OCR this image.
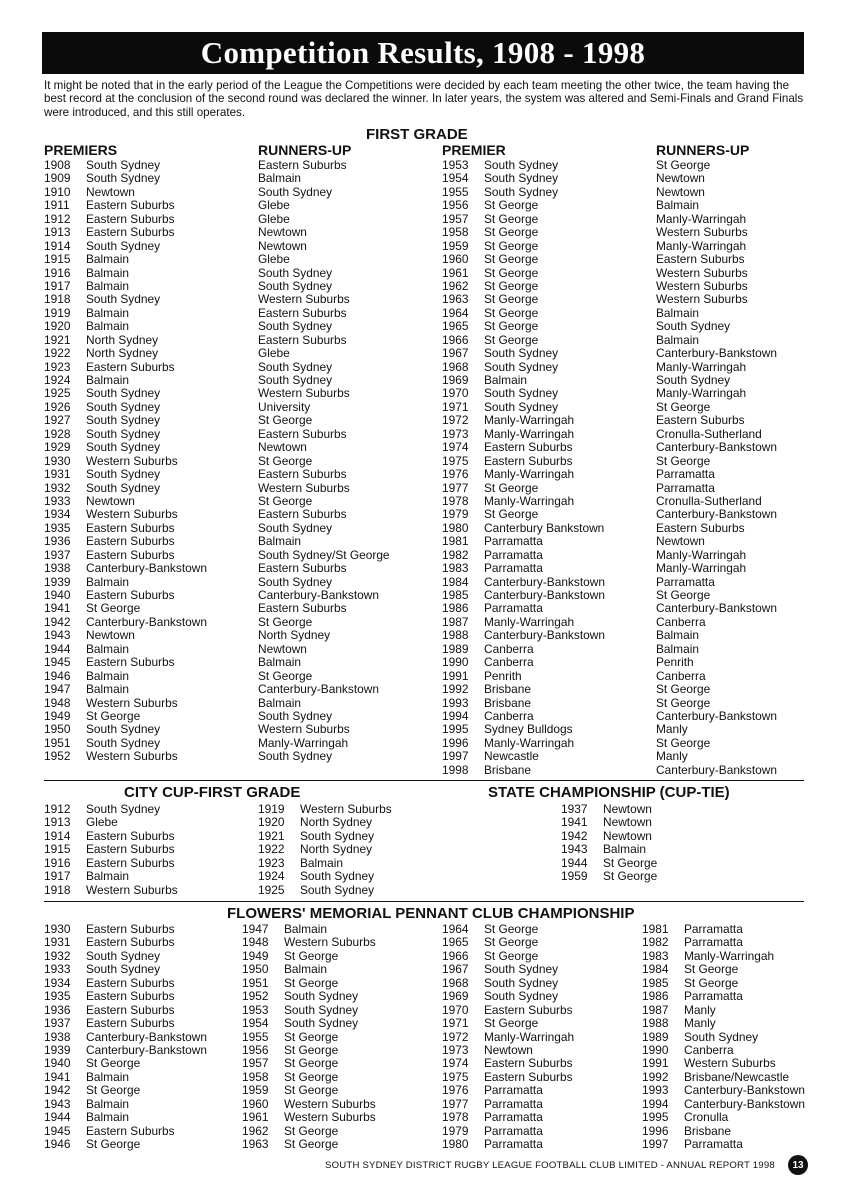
Competition Results, 1908 - 1998
It might be noted that in the early period of the League the Competitions were decided by each team meeting the other twice, the team having the best record at the conclusion of the second round was declared the winner. In later years, the system was altered and Semi-Finals and Grand Finals were introduced, and this still operates.
FIRST GRADE
PREMIERS	RUNNERS-UP	PREMIER	RUNNERS-UP
1908	South Sydney	Eastern Suburbs
1909	South Sydney	Balmain
1910	Newtown	South Sydney
1911	Eastern Suburbs	Glebe
1912	Eastern Suburbs	Glebe
1913	Eastern Suburbs	Newtown
1914	South Sydney	Newtown
1915	Balmain	Glebe
1916	Balmain	South Sydney
1917	Balmain	South Sydney
1918	South Sydney	Western Suburbs
1919	Balmain	Eastern Suburbs
1920	Balmain	South Sydney
1921	North Sydney	Eastern Suburbs
1922	North Sydney	Glebe
1923	Eastern Suburbs	South Sydney
1924	Balmain	South Sydney
1925	South Sydney	Western Suburbs
1926	South Sydney	University
1927	South Sydney	St George
1928	South Sydney	Eastern Suburbs
1929	South Sydney	Newtown
1930	Western Suburbs	St George
1931	South Sydney	Eastern Suburbs
1932	South Sydney	Western Suburbs
1933	Newtown	St George
1934	Western Suburbs	Eastern Suburbs
1935	Eastern Suburbs	South Sydney
1936	Eastern Suburbs	Balmain
1937	Eastern Suburbs	South Sydney/St George
1938	Canterbury-Bankstown	Eastern Suburbs
1939	Balmain	South Sydney
1940	Eastern Suburbs	Canterbury-Bankstown
1941	St George	Eastern Suburbs
1942	Canterbury-Bankstown	St George
1943	Newtown	North Sydney
1944	Balmain	Newtown
1945	Eastern Suburbs	Balmain
1946	Balmain	St George
1947	Balmain	Canterbury-Bankstown
1948	Western Suburbs	Balmain
1949	St George	South Sydney
1950	South Sydney	Western Suburbs
1951	South Sydney	Manly-Warringah
1952	Western Suburbs	South Sydney
1953	South Sydney	St George
1954	South Sydney	Newtown
1955	South Sydney	Newtown
1956	St George	Balmain
1957	St George	Manly-Warringah
1958	St George	Western Suburbs
1959	St George	Manly-Warringah
1960	St George	Eastern Suburbs
1961	St George	Western Suburbs
1962	St George	Western Suburbs
1963	St George	Western Suburbs
1964	St George	Balmain
1965	St George	South Sydney
1966	St George	Balmain
1967	South Sydney	Canterbury-Bankstown
1968	South Sydney	Manly-Warringah
1969	Balmain	South Sydney
1970	South Sydney	Manly-Warringah
1971	South Sydney	St George
1972	Manly-Warringah	Eastern Suburbs
1973	Manly-Warringah	Cronulla-Sutherland
1974	Eastern Suburbs	Canterbury-Bankstown
1975	Eastern Suburbs	St George
1976	Manly-Warringah	Parramatta
1977	St George	Parramatta
1978	Manly-Warringah	Cronulla-Sutherland
1979	St George	Canterbury-Bankstown
1980	Canterbury Bankstown	Eastern Suburbs
1981	Parramatta	Newtown
1982	Parramatta	Manly-Warringah
1983	Parramatta	Manly-Warringah
1984	Canterbury-Bankstown	Parramatta
1985	Canterbury-Bankstown	St George
1986	Parramatta	Canterbury-Bankstown
1987	Manly-Warringah	Canberra
1988	Canterbury-Bankstown	Balmain
1989	Canberra	Balmain
1990	Canberra	Penrith
1991	Penrith	Canberra
1992	Brisbane	St George
1993	Brisbane	St George
1994	Canberra	Canterbury-Bankstown
1995	Sydney Bulldogs	Manly
1996	Manly-Warringah	St George
1997	Newcastle	Manly
1998	Brisbane	Canterbury-Bankstown
CITY CUP-FIRST GRADE
1912	South Sydney
1913	Glebe
1914	Eastern Suburbs
1915	Eastern Suburbs
1916	Eastern Suburbs
1917	Balmain
1918	Western Suburbs
1919	Western Suburbs
1920	North Sydney
1921	South Sydney
1922	North Sydney
1923	Balmain
1924	South Sydney
1925	South Sydney
STATE CHAMPIONSHIP (CUP-TIE)
1937	Newtown
1941	Newtown
1942	Newtown
1943	Balmain
1944	St George
1959	St George
FLOWERS' MEMORIAL PENNANT CLUB CHAMPIONSHIP
1930	Eastern Suburbs
1931	Eastern Suburbs
1932	South Sydney
1933	South Sydney
1934	Eastern Suburbs
1935	Eastern Suburbs
1936	Eastern Suburbs
1937	Eastern Suburbs
1938	Canterbury-Bankstown
1939	Canterbury-Bankstown
1940	St George
1941	Balmain
1942	St George
1943	Balmain
1944	Balmain
1945	Eastern Suburbs
1946	St George
1947	Balmain
1948	Western Suburbs
1949	St George
1950	Balmain
1951	St George
1952	South Sydney
1953	South Sydney
1954	South Sydney
1955	St George
1956	St George
1957	St George
1958	St George
1959	St George
1960	Western Suburbs
1961	Western Suburbs
1962	St George
1963	St George
1964	St George
1965	St George
1966	St George
1967	South Sydney
1968	South Sydney
1969	South Sydney
1970	Eastern Suburbs
1971	St George
1972	Manly-Warringah
1973	Newtown
1974	Eastern Suburbs
1975	Eastern Suburbs
1976	Parramatta
1977	Parramatta
1978	Parramatta
1979	Parramatta
1980	Parramatta
1981	Parramatta
1982	Parramatta
1983	Manly-Warringah
1984	St George
1985	St George
1986	Parramatta
1987	Manly
1988	Manly
1989	South Sydney
1990	Canberra
1991	Western Suburbs
1992	Brisbane/Newcastle
1993	Canterbury-Bankstown
1994	Canterbury-Bankstown
1995	Cronulla
1996	Brisbane
1997	Parramatta
SOUTH SYDNEY DISTRICT RUGBY LEAGUE FOOTBALL CLUB LIMITED - ANNUAL REPORT 1998	13
